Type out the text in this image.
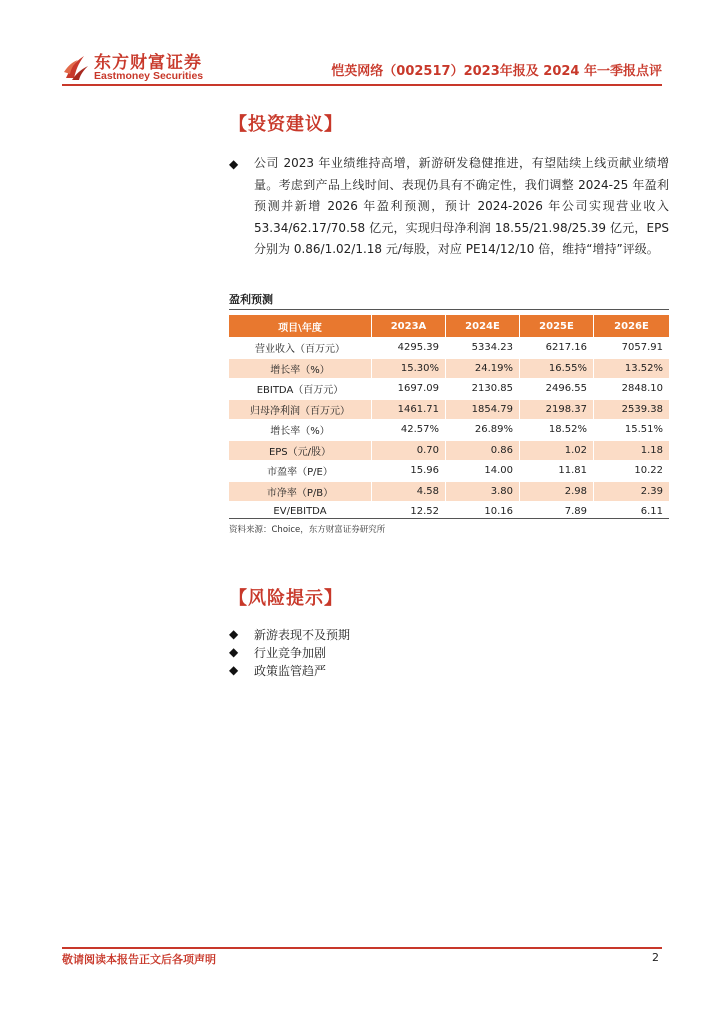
东方财富证券
Eastmoney Securities	恺英网络（002517）2023年报及 2024 年一季报点评
【投资建议】
◆ 公司 2023 年业绩维持高增，新游研发稳健推进，有望陆续上线贡献业绩增量。考虑到产品上线时间、表现仍具有不确定性，我们调整 2024-25 年盈利预测并新增 2026 年盈利预测，预计 2024-2026 年公司实现营业收入53.34/62.17/70.58 亿元，实现归母净利润 18.55/21.98/25.39 亿元，EPS 分别为 0.86/1.02/1.18 元/每股，对应 PE14/12/10 倍，维持“增持”评级。
盈利预测
项目\年度	2023A	2024E	2025E	2026E
营业收入（百万元）	4295.39	5334.23	6217.16	7057.91
增长率（%）	15.30%	24.19%	16.55%	13.52%
EBITDA（百万元）	1697.09	2130.85	2496.55	2848.10
归母净利润（百万元）	1461.71	1854.79	2198.37	2539.38
增长率（%）	42.57%	26.89%	18.52%	15.51%
EPS（元/股）	0.70	0.86	1.02	1.18
市盈率（P/E）	15.96	14.00	11.81	10.22
市净率（P/B）	4.58	3.80	2.98	2.39
EV/EBITDA	12.52	10.16	7.89	6.11
资料来源：Choice，东方财富证券研究所
【风险提示】
◆ 新游表现不及预期
◆ 行业竞争加剧
◆ 政策监管趋严
敬请阅读本报告正文后各项声明	2
